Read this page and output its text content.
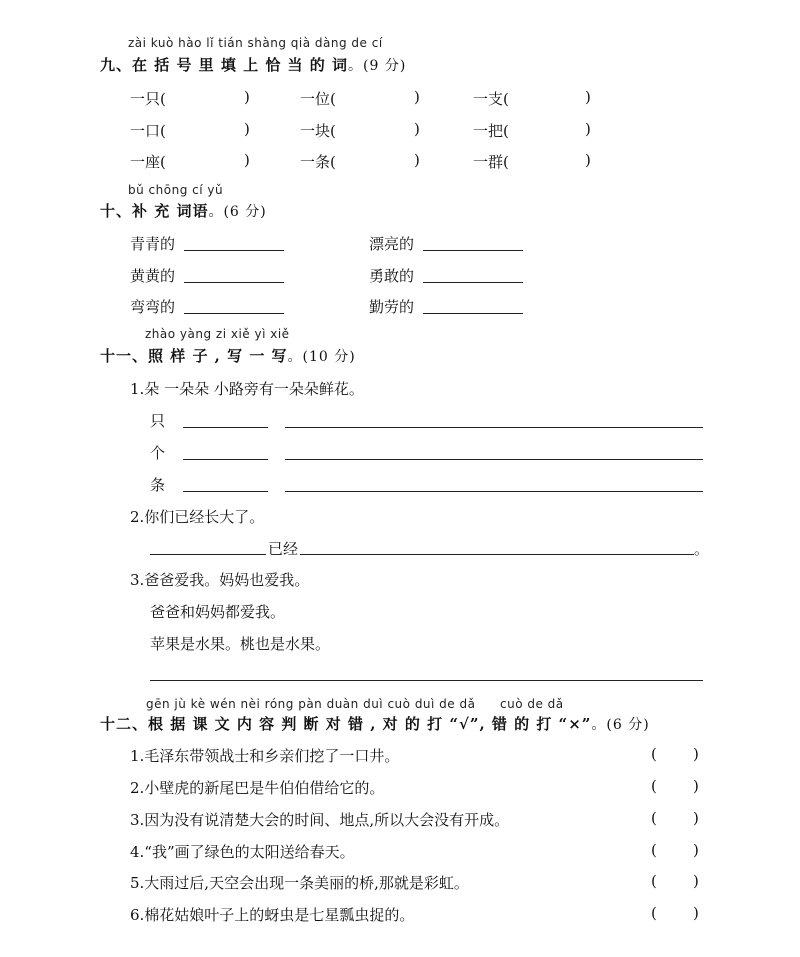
zài kuò hào lǐ tián shàng qià dàng de cí
九、在 括 号 里 填 上 恰 当 的 词。(9 分)
一只(	)	一位(	)	一支(	)
一口(	)	一块(	)	一把(	)
一座(	)	一条(	)	一群(	)
bǔ chōng cí yǔ
十、补 充 词语。(6 分)
青青的	漂亮的
黄黄的	勇敢的
弯弯的	勤劳的
zhào yàng zi xiě yì xiě
十一、照 样 子 , 写 一 写。(10 分)
1.朵 一朵朵 小路旁有一朵朵鲜花。
只
个
条
2.你们已经长大了。
已经	。
3.爸爸爱我。妈妈也爱我。
爸爸和妈妈都爱我。
苹果是水果。桃也是水果。
gēn jù kè wén nèi róng pàn duàn duì cuò duì de dǎ cuò de dǎ
十二、根 据 课 文 内 容 判 断 对 错 , 对 的 打 “√”, 错 的 打 “×”。(6 分)
1.毛泽东带领战士和乡亲们挖了一口井。	( )
2.小壁虎的新尾巴是牛伯伯借给它的。	( )
3.因为没有说清楚大会的时间、地点,所以大会没有开成。	( )
4.“我”画了绿色的太阳送给春天。	( )
5.大雨过后,天空会出现一条美丽的桥,那就是彩虹。	( )
6.棉花姑娘叶子上的蚜虫是七星瓢虫捉的。	( )
